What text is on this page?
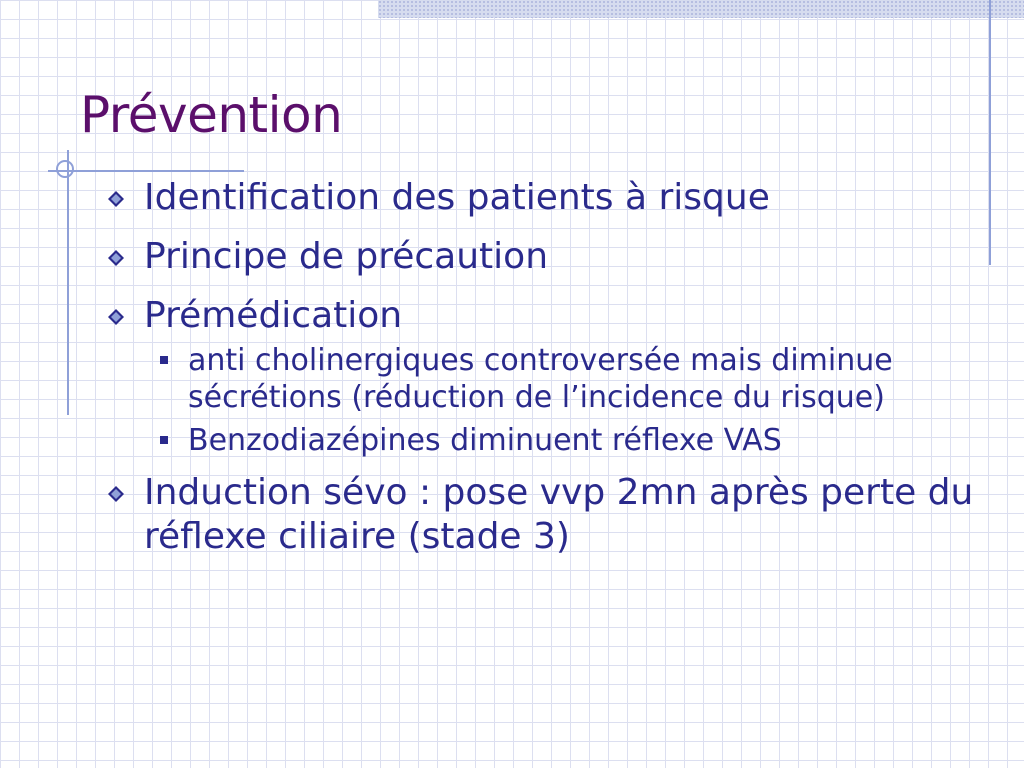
Prévention
Identification des patients à risque
Principe de précaution
Prémédication
anti cholinergiques controversée mais diminue sécrétions (réduction de l’incidence du risque)
Benzodiazépines diminuent réflexe VAS
Induction sévo : pose vvp 2mn après perte du réflexe ciliaire (stade 3)
